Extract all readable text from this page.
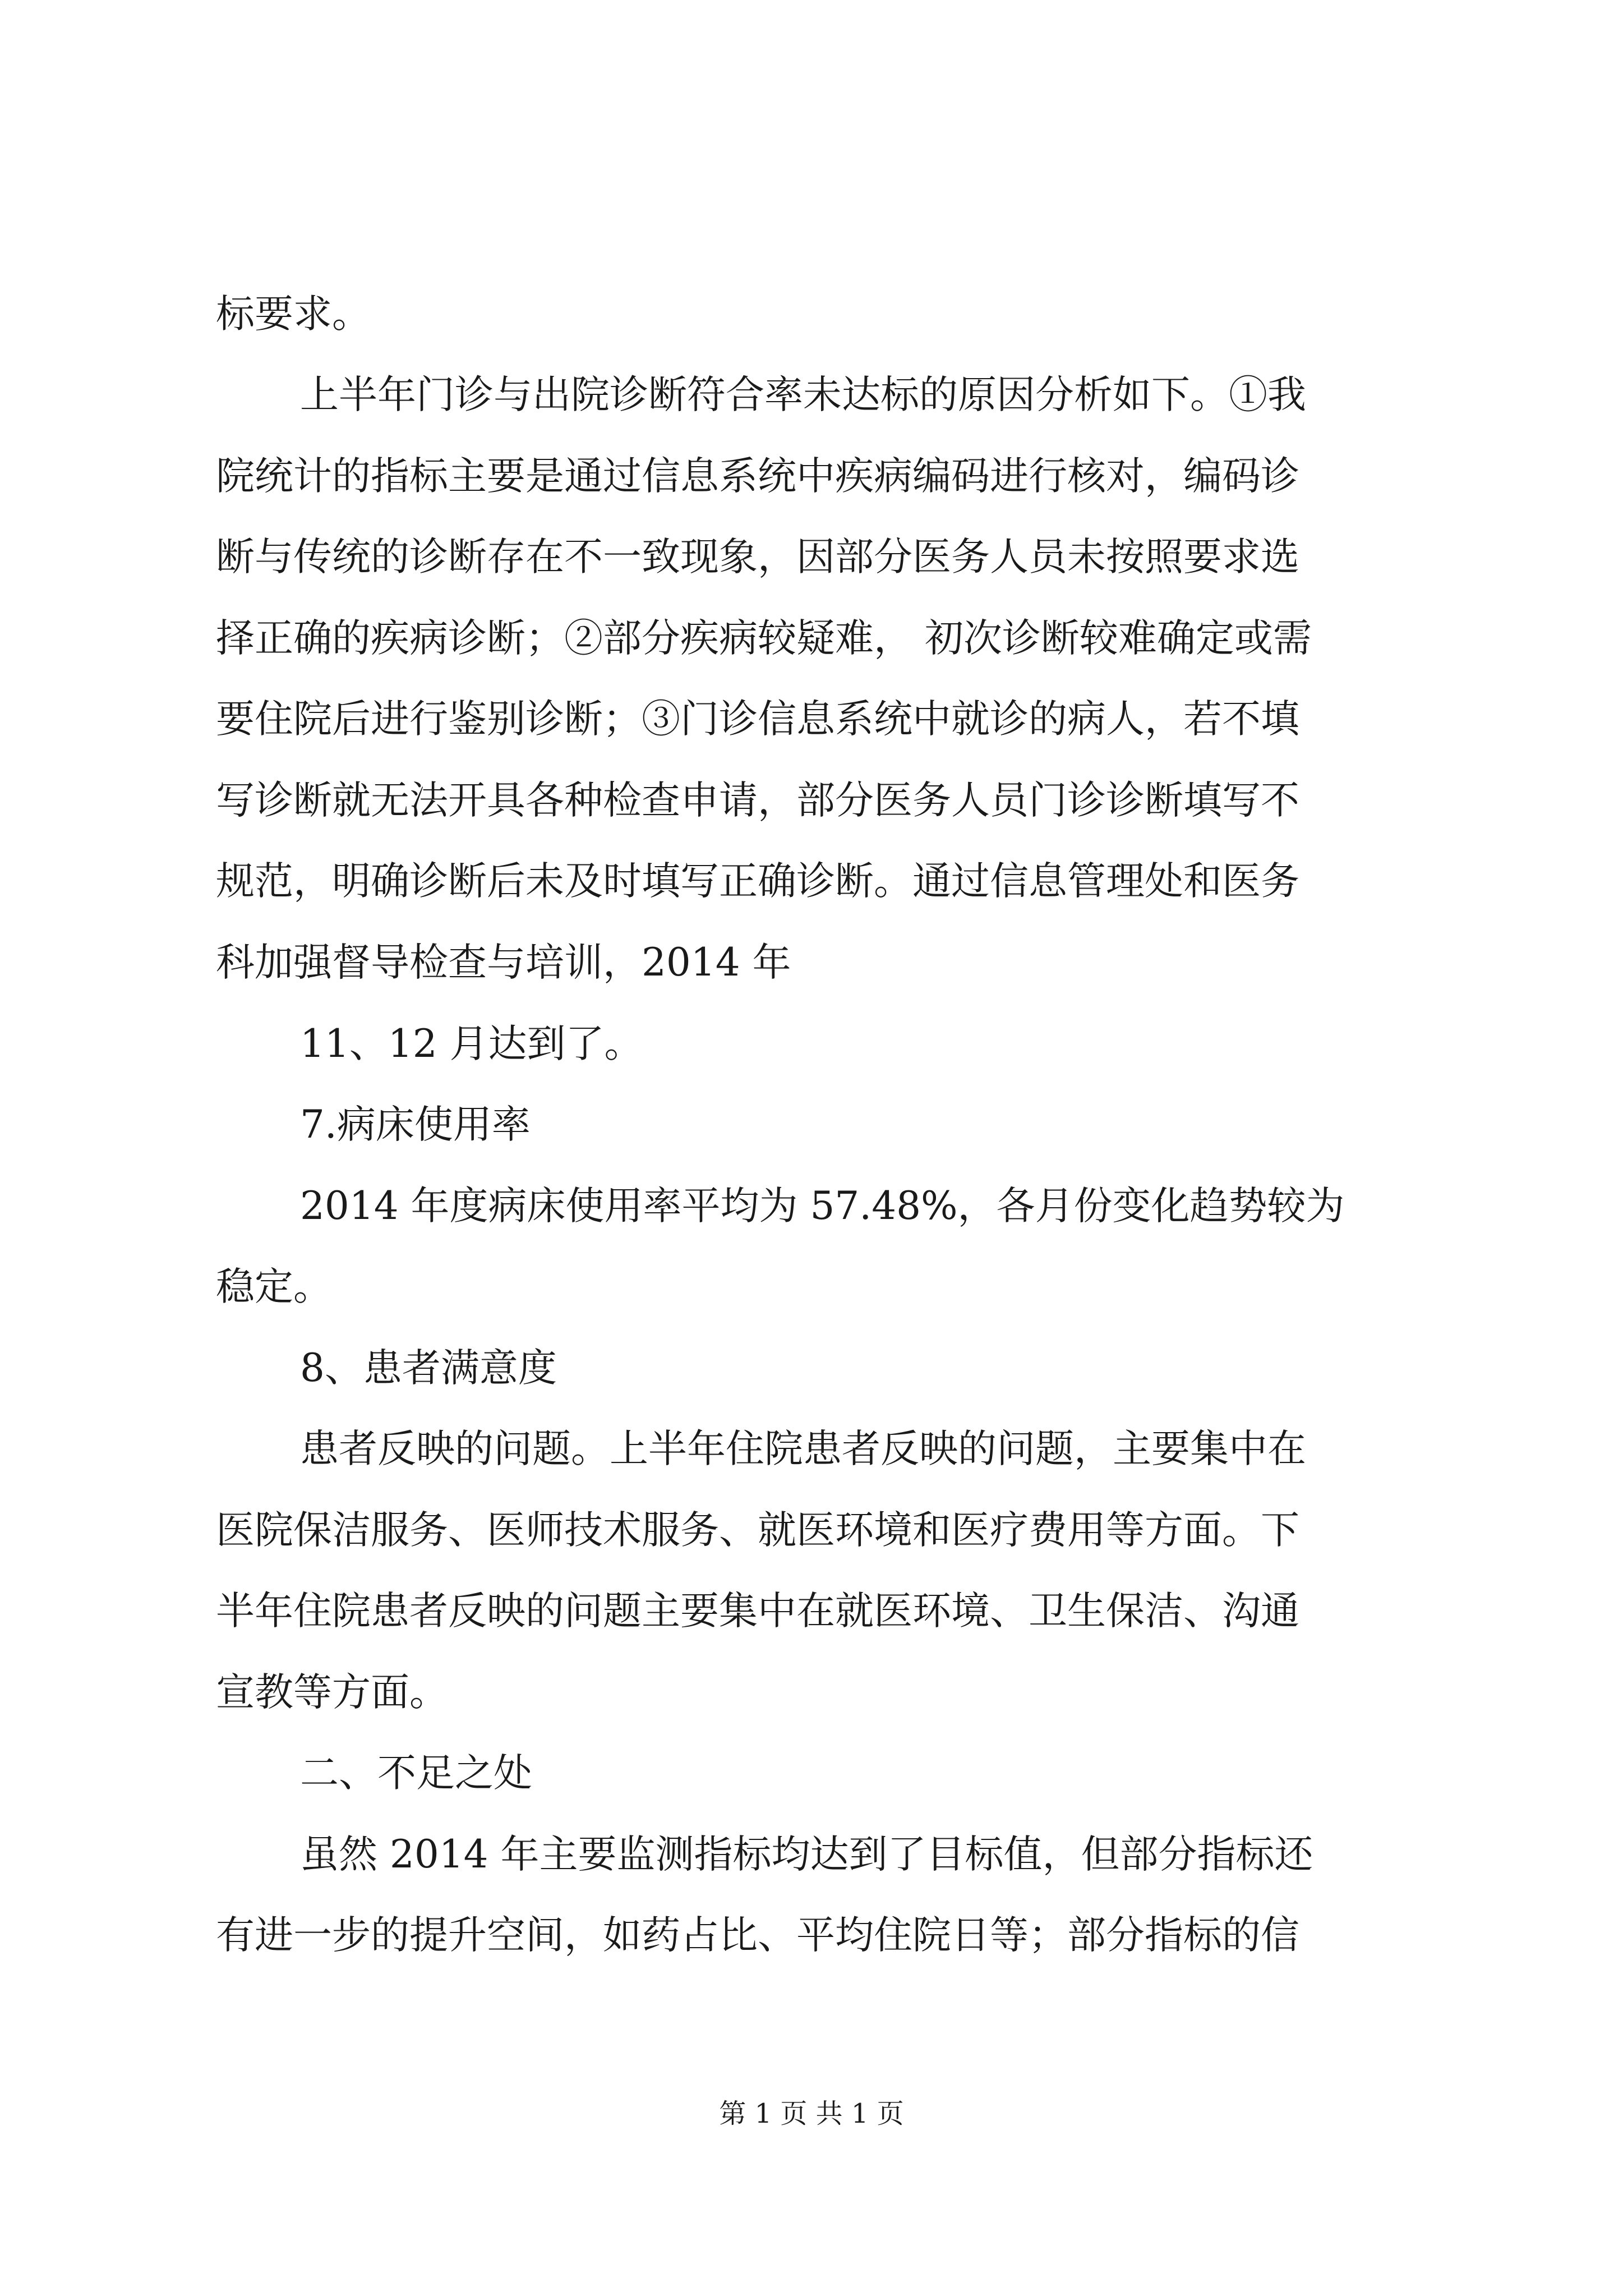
标要求。
上半年门诊与出院诊断符合率未达标的原因分析如下。①我
院统计的指标主要是通过信息系统中疾病编码进行核对，编码诊
断与传统的诊断存在不一致现象，因部分医务人员未按照要求选
择正确的疾病诊断；②部分疾病较疑难， 初次诊断较难确定或需
要住院后进行鉴别诊断；③门诊信息系统中就诊的病人，若不填
写诊断就无法开具各种检查申请，部分医务人员门诊诊断填写不
规范，明确诊断后未及时填写正确诊断。通过信息管理处和医务
科加强督导检查与培训，2014 年
11、12 月达到了。
7.病床使用率
2014 年度病床使用率平均为 57.48%，各月份变化趋势较为
稳定。
8、患者满意度
患者反映的问题。上半年住院患者反映的问题，主要集中在
医院保洁服务、医师技术服务、就医环境和医疗费用等方面。下
半年住院患者反映的问题主要集中在就医环境、卫生保洁、沟通
宣教等方面。
二、不足之处
虽然 2014 年主要监测指标均达到了目标值，但部分指标还
有进一步的提升空间，如药占比、平均住院日等；部分指标的信
第 1 页 共 1 页
